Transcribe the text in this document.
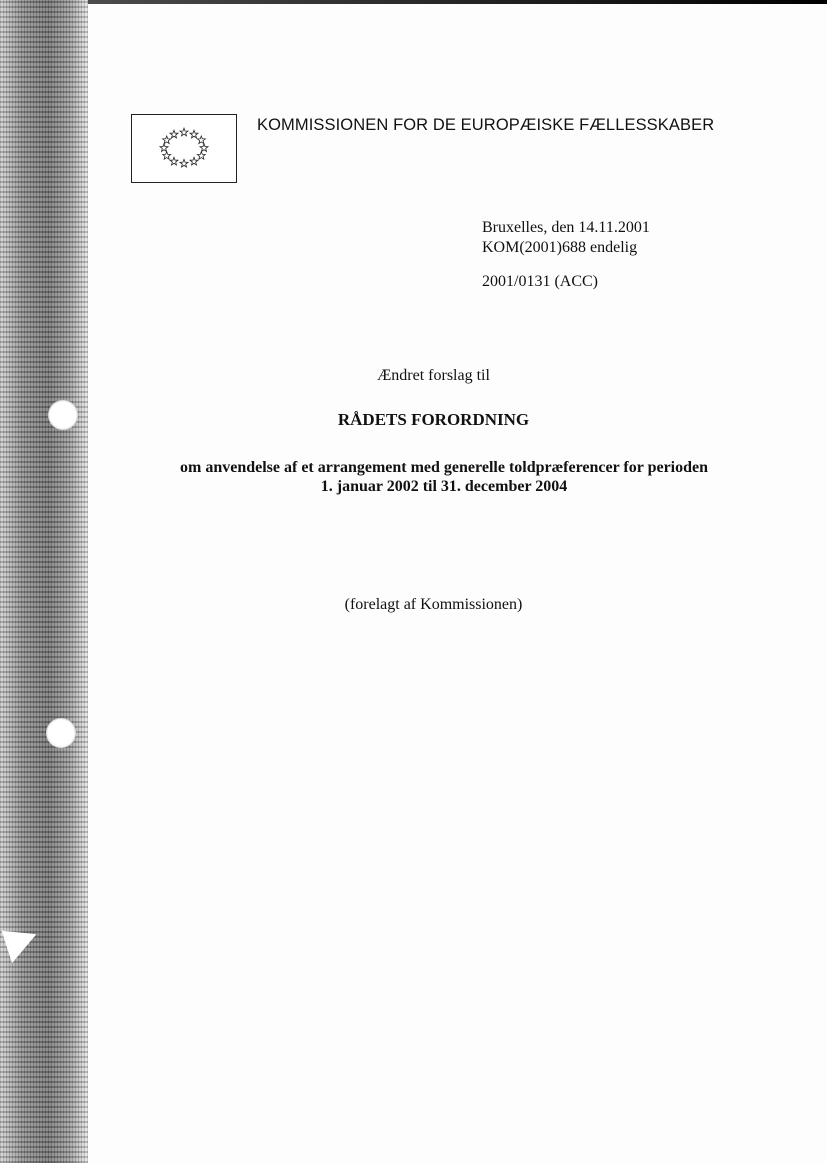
KOMMISSIONEN FOR DE EUROPÆISKE FÆLLESSKABER
Bruxelles, den 14.11.2001
KOM(2001)688 endelig
2001/0131 (ACC)
Ændret forslag til
RÅDETS FORORDNING
om anvendelse af et arrangement med generelle toldpræferencer for perioden
1. januar 2002 til 31. december 2004
(forelagt af Kommissionen)
